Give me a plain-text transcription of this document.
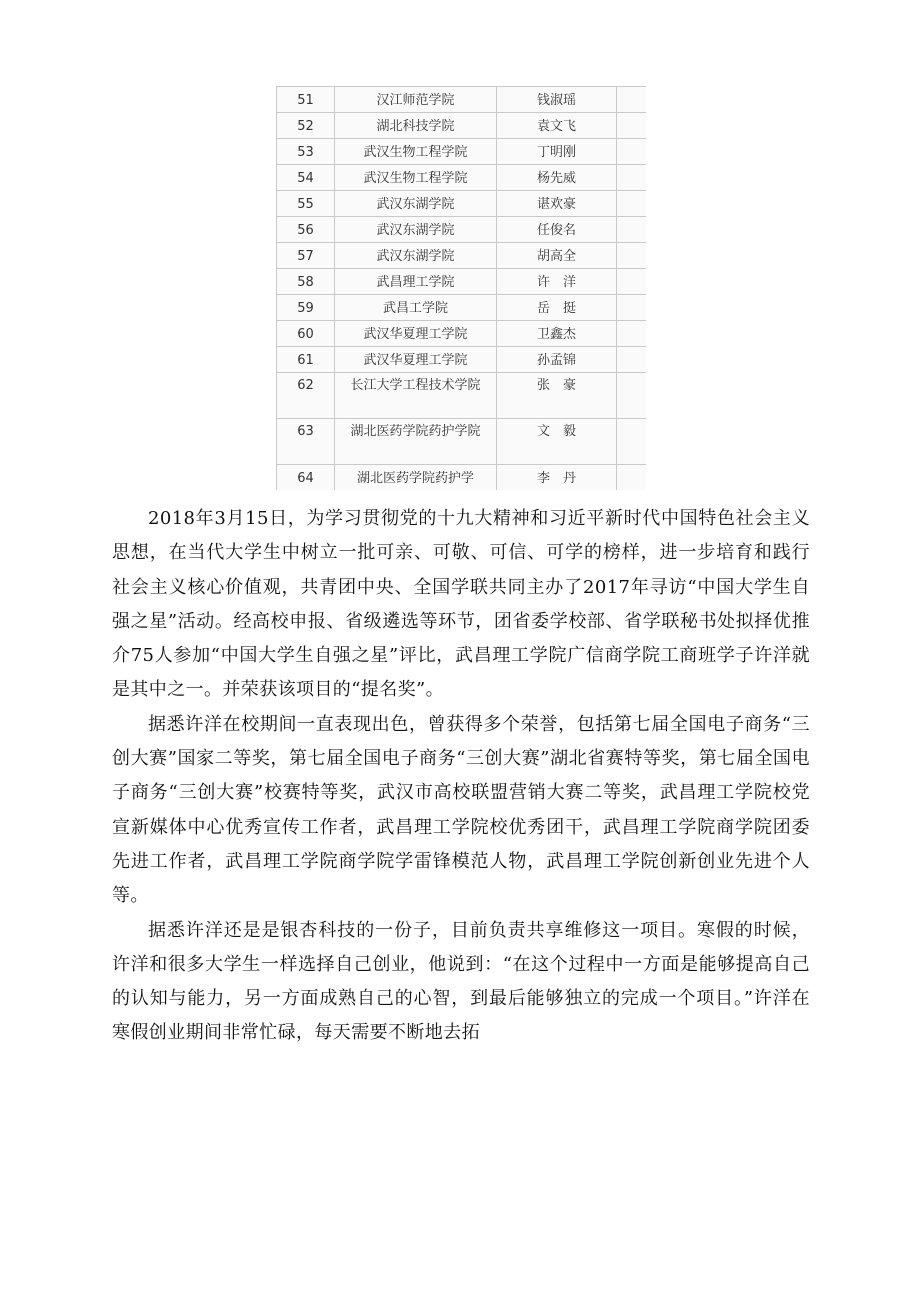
51	汉江师范学院	钱淑瑶	
52	湖北科技学院	袁文飞	
53	武汉生物工程学院	丁明刚	
54	武汉生物工程学院	杨先威	
55	武汉东湖学院	谌欢豪	
56	武汉东湖学院	任俊名	
57	武汉东湖学院	胡高全	
58	武昌理工学院	许　洋	
59	武昌工学院	岳　挺	
60	武汉华夏理工学院	卫鑫杰	
61	武汉华夏理工学院	孙孟锦	
62	长江大学工程技术学院	张　豪	
63	湖北医药学院药护学院	文　毅	
64	湖北医药学院药护学	李　丹	

2018年3月15日，为学习贯彻党的十九大精神和习近平新时代中国特色社会主义思想，在当代大学生中树立一批可亲、可敬、可信、可学的榜样，进一步培育和践行社会主义核心价值观，共青团中央、全国学联共同主办了2017年寻访“中国大学生自强之星”活动。经高校申报、省级遴选等环节，团省委学校部、省学联秘书处拟择优推介75人参加“中国大学生自强之星”评比，武昌理工学院广信商学院工商班学子许洋就是其中之一。并荣获该项目的“提名奖”。

据悉许洋在校期间一直表现出色，曾获得多个荣誉，包括第七届全国电子商务“三创大赛”国家二等奖，第七届全国电子商务“三创大赛”湖北省赛特等奖，第七届全国电子商务“三创大赛”校赛特等奖，武汉市高校联盟营销大赛二等奖，武昌理工学院校党宣新媒体中心优秀宣传工作者，武昌理工学院校优秀团干，武昌理工学院商学院团委先进工作者，武昌理工学院商学院学雷锋模范人物，武昌理工学院创新创业先进个人等。

据悉许洋还是是银杏科技的一份子，目前负责共享维修这一项目。寒假的时候，许洋和很多大学生一样选择自己创业，他说到：“在这个过程中一方面是能够提高自己的认知与能力，另一方面成熟自己的心智，到最后能够独立的完成一个项目。”许洋在寒假创业期间非常忙碌，每天需要不断地去拓
